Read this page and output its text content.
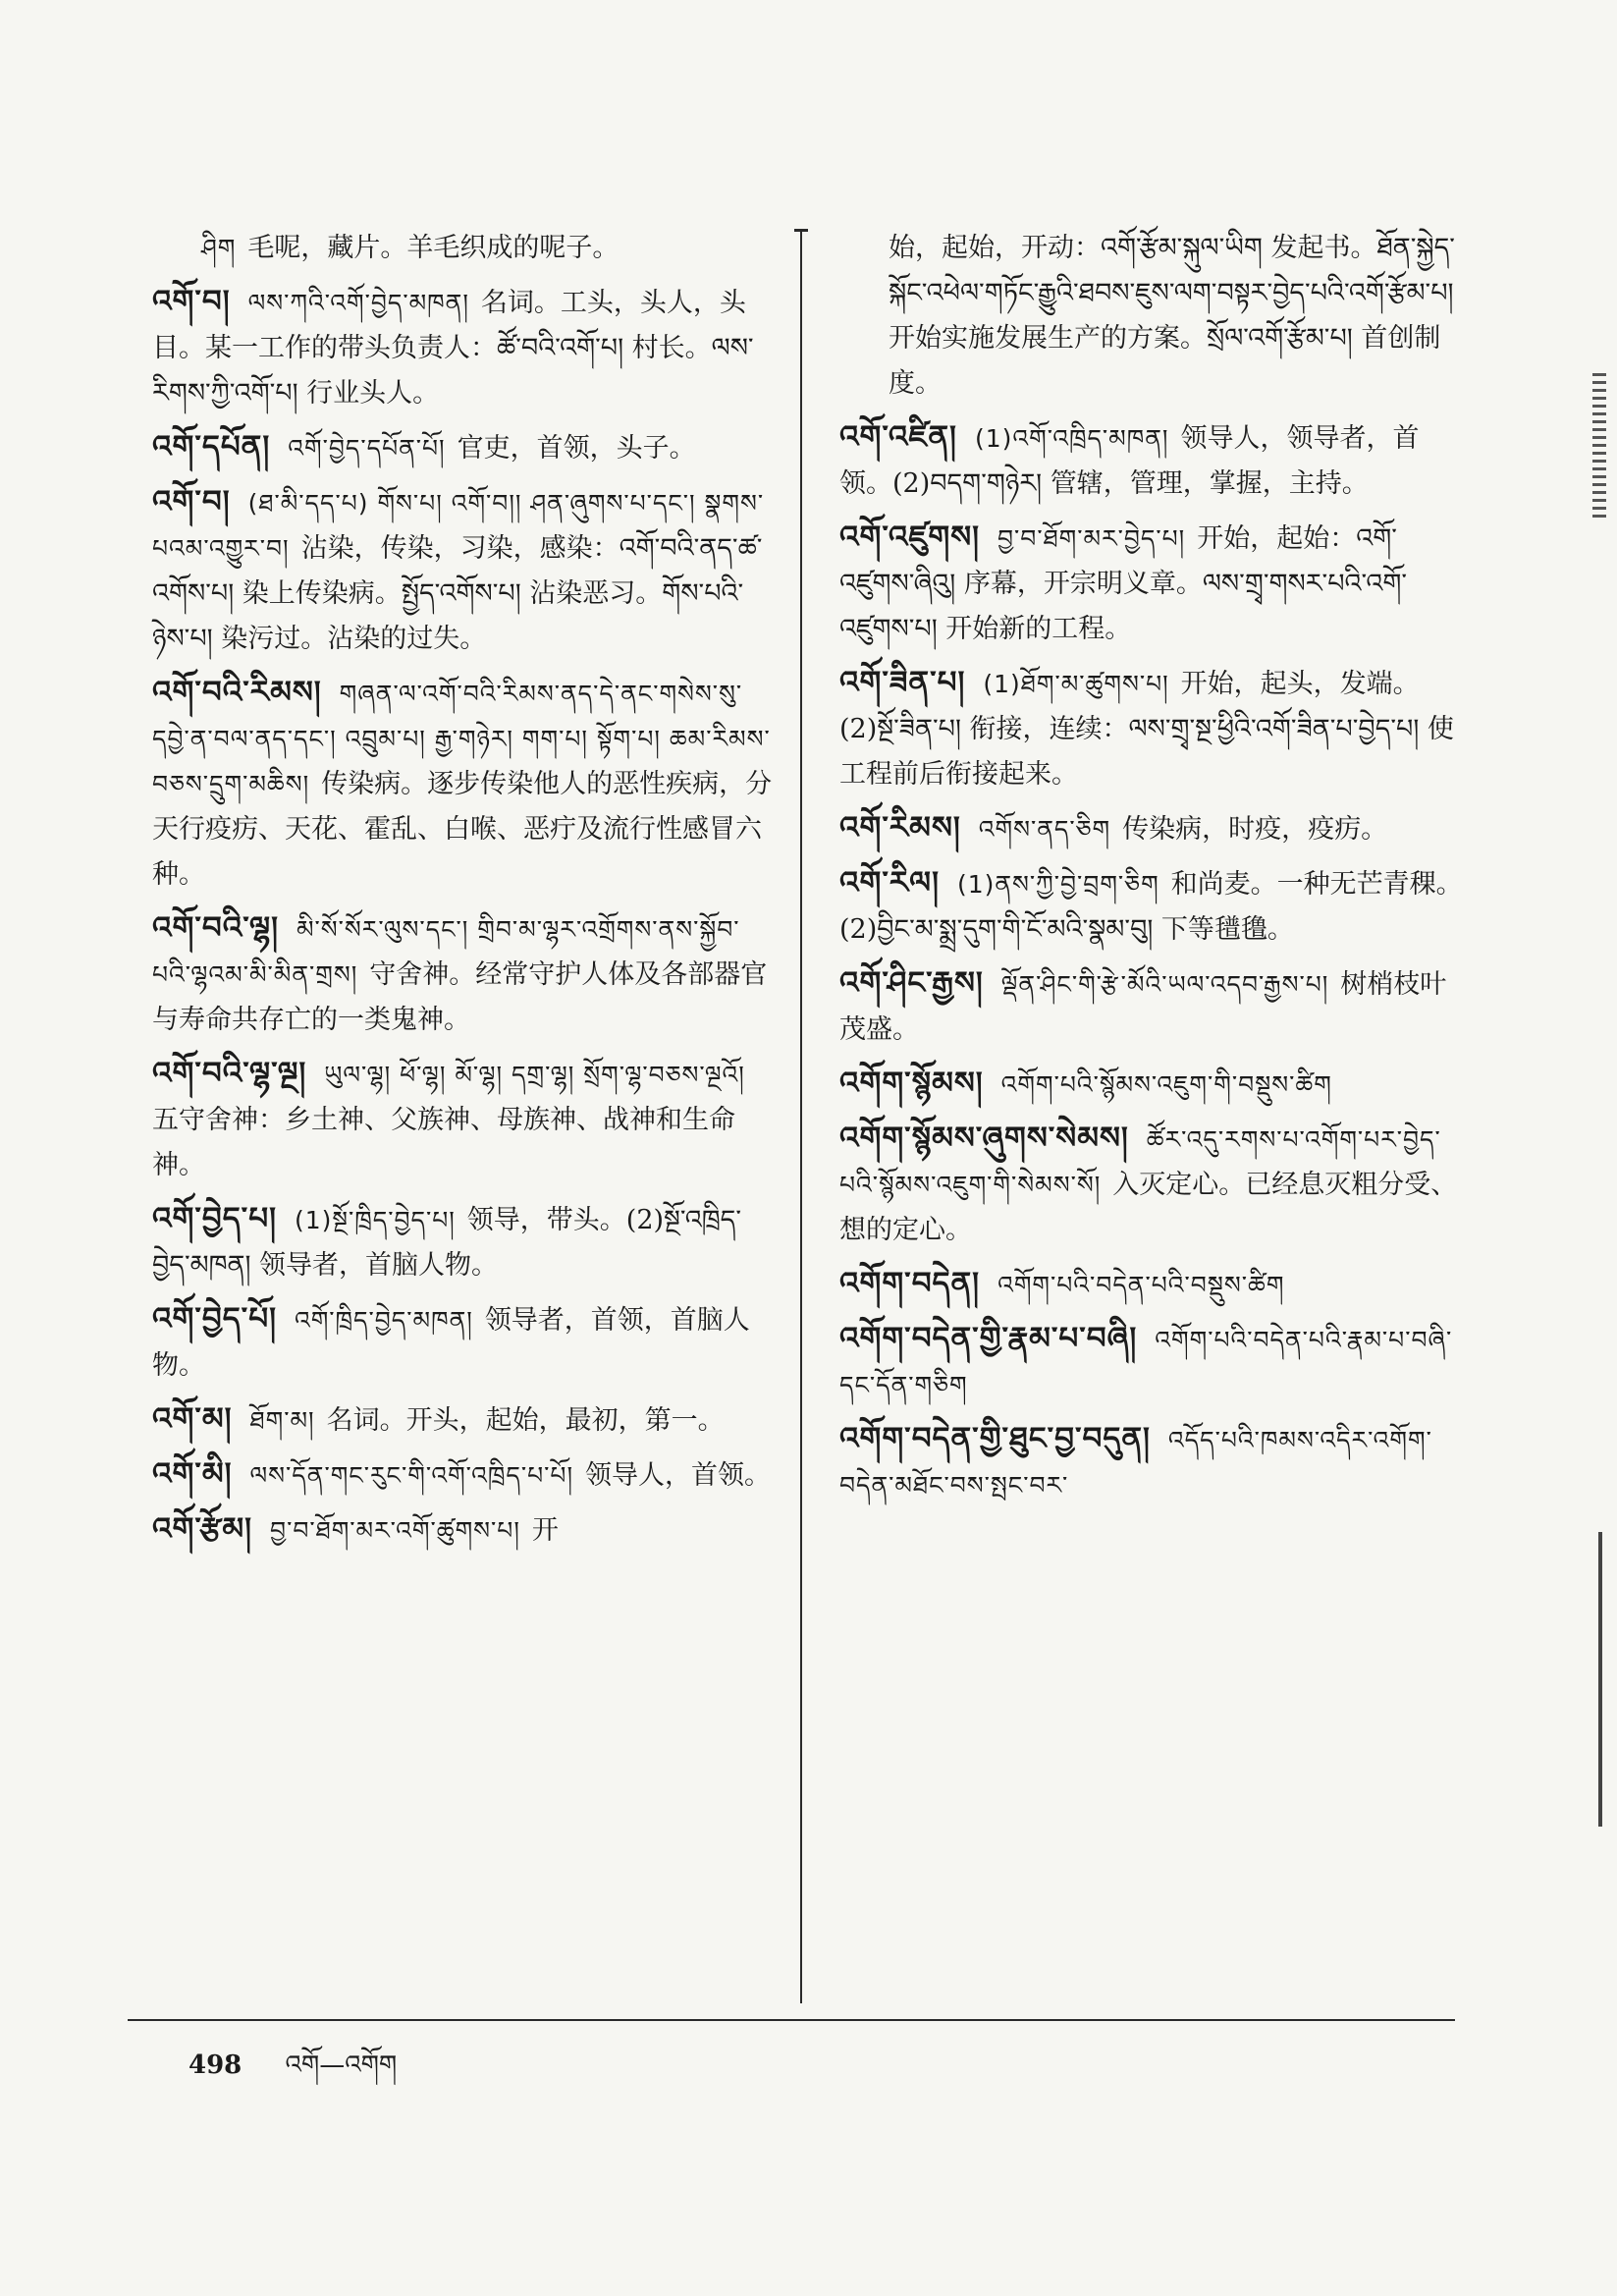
ཤིག 毛呢，藏片。羊毛织成的呢子。
འགོ་བ། ལས་ཀའི་འགོ་བྱེད་མཁན། 名词。工头，头人，头目。某一工作的带头负责人：ཚོ་བའི་འགོ་པ། 村长。ལས་རིགས་ཀྱི་འགོ་པ། 行业头人。
འགོ་དཔོན། འགོ་བྱེད་དཔོན་པོ། 官吏，首领，头子。
འགོ་བ། (ཐ་མི་དད་པ) གོས་པ། འགོ་བ།། ཤན་ཞུགས་པ་དང་། སྣགས་པའམ་འགྱུར་བ། 沾染，传染，习染，感染：འགོ་བའི་ནད་ཚ་འགོས་པ། 染上传染病。སྤྱོད་འགོས་པ། 沾染恶习。གོས་པའི་ཉེས་པ། 染污过。沾染的过失。
འགོ་བའི་རིམས། གཞན་ལ་འགོ་བའི་རིམས་ནད་དེ་ནང་གསེས་སུ་དབྱེ་ན་བལ་ནད་དང་། འབྲུམ་པ། རྒྱ་གཉེར། གག་པ། སྟོག་པ། ཆམ་རིམས་བཅས་དྲུག་མཆིས། 传染病。逐步传染他人的恶性疾病，分天行疫疠、天花、霍乱、白喉、恶疔及流行性感冒六种。
འགོ་བའི་ལྷ། མི་སོ་སོར་ལུས་དང་། གྲིབ་མ་ལྷར་འགྲོགས་ནས་སྐྱོབ་པའི་ལྷའམ་མི་མིན་གྲས། 守舍神。经常守护人体及各部器官与寿命共存亡的一类鬼神。
འགོ་བའི་ལྷ་ལྔ། ཡུལ་ལྷ། ཕོ་ལྷ། མོ་ལྷ། དགྲ་ལྷ། སྲོག་ལྷ་བཅས་ལྔའོ།五守舍神：乡土神、父族神、母族神、战神和生命神。
འགོ་བྱེད་པ། (1)སྔོ་ཁྲིད་བྱེད་པ། 领导，带头。(2)སྔོ་འཁྲིད་བྱེད་མཁན། 领导者，首脑人物。
འགོ་བྱེད་པོ། འགོ་ཁྲིད་བྱེད་མཁན། 领导者，首领，首脑人物。
འགོ་མ། ཐོག་མ། 名词。开头，起始，最初，第一。
འགོ་མི། ལས་དོན་གང་རུང་གི་འགོ་འཁྲིད་པ་པོ། 领导人，首领。
འགོ་རྩོམ། བྱ་བ་ཐོག་མར་འགོ་ཚུགས་པ། 开
始，起始，开动：འགོ་རྩོམ་སྐུལ་ཡིག 发起书。ཐོན་སྐྱེད་སྐོང་འཕེལ་གཏོང་རྒྱུའི་ཐབས་ཇུས་ལག་བསྟར་བྱེད་པའི་འགོ་རྩོམ་པ། 开始实施发展生产的方案。སྲོལ་འགོ་རྩོམ་པ། 首创制度。
འགོ་འཛིན། (1)འགོ་འཁྲིད་མཁན། 领导人，领导者，首领。(2)བདག་གཉེར། 管辖，管理，掌握，主持。
འགོ་འཛུགས། བྱ་བ་ཐོག་མར་བྱེད་པ། 开始，起始：འགོ་འཛུགས་ཞིའུ། 序幕，开宗明义章。ལས་གྲྭ་གསར་པའི་འགོ་འཛུགས་པ། 开始新的工程。
འགོ་ཟིན་པ། (1)ཐོག་མ་ཚུགས་པ། 开始，起头，发端。(2)སྔོ་ཟིན་པ། 衔接，连续：ལས་གྲྭ་སྔ་ཕྱིའི་འགོ་ཟིན་པ་བྱེད་པ། 使工程前后衔接起来。
འགོ་རིམས། འགོས་ནད་ཅིག 传染病，时疫，疫疠。
འགོ་རིལ། (1)ནས་ཀྱི་བྱེ་བྲག་ཅིག 和尚麦。一种无芒青稞。(2)བྱིང་མ་སྨྲ་དུག་གི་ངོ་མའི་སྣམ་བུ། 下等氆氇。
འགོ་ཤིང་རྒྱས། ལྡོན་ཤིང་གི་རྩེ་མོའི་ཡལ་འདབ་རྒྱས་པ། 树梢枝叶茂盛。
འགོག་སྙོམས། འགོག་པའི་སྙོམས་འཇུག་གི་བསྡུས་ཚིག
འགོག་སྙོམས་ཞུགས་སེམས། ཚོར་འདུ་རགས་པ་འགོག་པར་བྱེད་པའི་སྙོམས་འཇུག་གི་སེམས་སོ། 入灭定心。已经息灭粗分受、想的定心。
འགོག་བདེན། འགོག་པའི་བདེན་པའི་བསྡུས་ཚིག
འགོག་བདེན་གྱི་རྣམ་པ་བཞི། འགོག་པའི་བདེན་པའི་རྣམ་པ་བཞི་དང་དོན་གཅིག
འགོག་བདེན་གྱི་ཐུང་བྱ་བདུན། འདོད་པའི་ཁམས་འདིར་འགོག་བདེན་མཐོང་བས་སྤང་བར་
498 འགོ—འགོག
